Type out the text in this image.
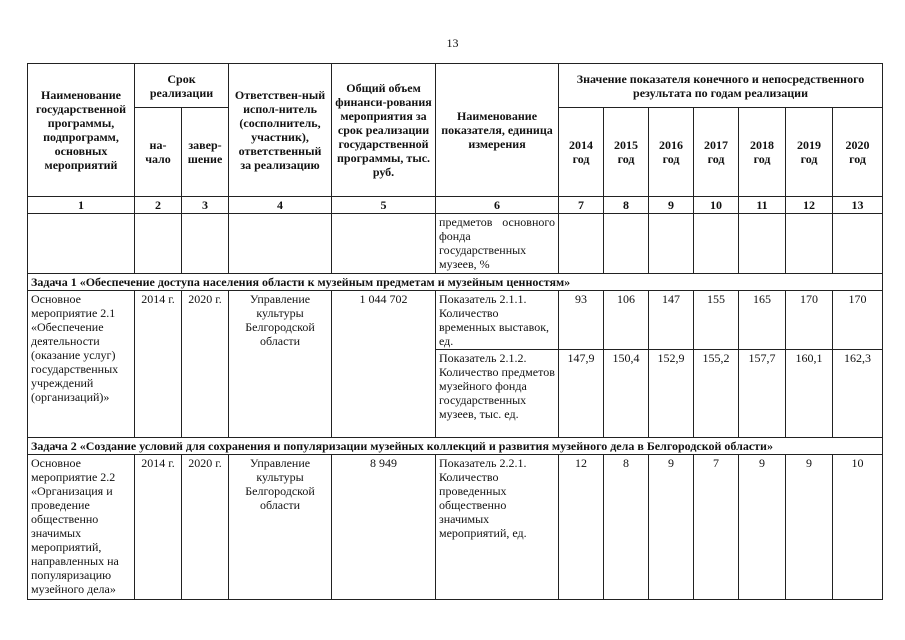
13
Наименование государственной программы, подпрограмм, основных мероприятий	Срок реализации		Ответствен-ный испол-нитель (сосполнитель, участник), ответственный за реализацию	Общий объем финанси-рования мероприятия за срок реализации государственной программы, тыс. руб.	Наименование показателя, единица измерения	Значение показателя конечного и непосредственного результата по годам реализации						
	на-чало	завер-шение				2014 год	2015 год	2016 год	2017 год	2018 год	2019 год	2020 год
1	2	3	4	5	6	7	8	9	10	11	12	13
					предметов основного фонда государственных музеев, %							
Задача 1 «Обеспечение доступа населения области к музейным предметам и музейным ценностям»												
Основное мероприятие 2.1 «Обеспечение деятельности (оказание услуг) государственных учреждений (организаций)»	2014 г.	2020 г.	Управление культуры Белгородской области	1 044 702	Показатель 2.1.1. Количество временных выставок, ед.	93	106	147	155	165	170	170
					Показатель 2.1.2. Количество предметов музейного фонда государственных музеев, тыс. ед.	147,9	150,4	152,9	155,2	157,7	160,1	162,3
Задача 2 «Создание условий для сохранения и популяризации музейных коллекций и развития музейного дела в Белгородской области»												
Основное мероприятие 2.2 «Организация и проведение общественно значимых мероприятий, направленных на популяризацию музейного дела»	2014 г.	2020 г.	Управление культуры Белгородской области	8 949	Показатель 2.2.1. Количество проведенных общественно значимых мероприятий, ед.	12	8	9	7	9	9	10
